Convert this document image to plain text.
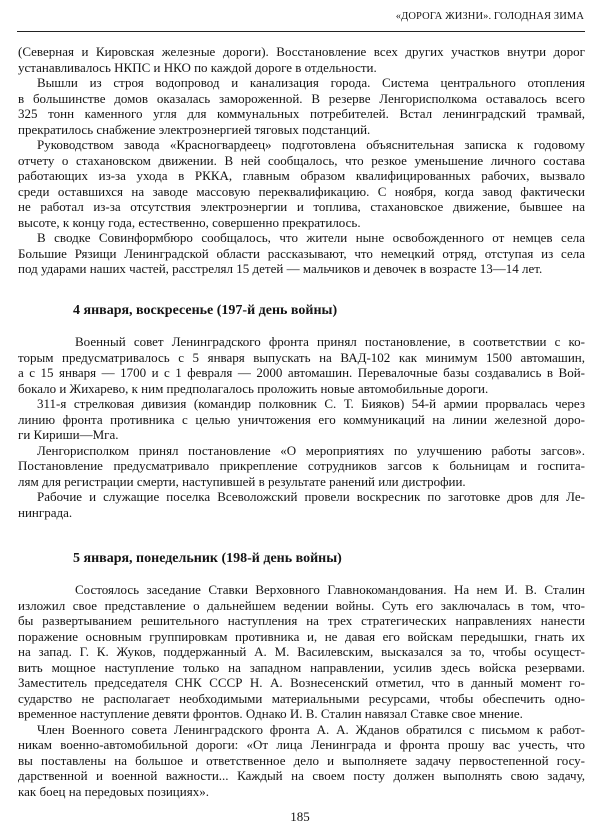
«ДОРОГА ЖИЗНИ». ГОЛОДНАЯ ЗИМА
(Северная и Кировская железные дороги). Восстановление всех других участков внутри дорог
устанавливалось НКПС и НКО по каждой дороге в отдельности.
Вышли из строя водопровод и канализация города. Система центрального отопления
в большинстве домов оказалась замороженной. В резерве Ленгорисполкома оставалось всего
325 тонн каменного угля для коммунальных потребителей. Встал ленинградский трамвай,
прекратилось снабжение электроэнергией тяговых подстанций.
Руководством завода «Красногвардеец» подготовлена объяснительная записка к годовому
отчету о стахановском движении. В ней сообщалось, что резкое уменьшение личного состава
работающих из-за ухода в РККА, главным образом квалифицированных рабочих, вызвало
среди оставшихся на заводе массовую переквалификацию. С ноября, когда завод фактически
не работал из-за отсутствия электроэнергии и топлива, стахановское движение, бывшее на
высоте, к концу года, естественно, совершенно прекратилось.
В сводке Совинформбюро сообщалось, что жители ныне освобожденного от немцев села
Большие Рязищи Ленинградской области рассказывают, что немецкий отряд, отступая из села
под ударами наших частей, расстрелял 15 детей — мальчиков и девочек в возрасте 13—14 лет.
4 января, воскресенье (197-й день войны)
Военный совет Ленинградского фронта принял постановление, в соответствии с ко-
торым предусматривалось с 5 января выпускать на ВАД-102 как минимум 1500 автомашин,
а с 15 января — 1700 и с 1 февраля — 2000 автомашин. Перевалочные базы создавались в Вой-
бокало и Жихарево, к ним предполагалось проложить новые автомобильные дороги.
311-я стрелковая дивизия (командир полковник С. Т. Бияков) 54-й армии прорвалась через
линию фронта противника с целью уничтожения его коммуникаций на линии железной доро-
ги Кириши—Мга.
Ленгорисполком принял постановление «О мероприятиях по улучшению работы загсов».
Постановление предусматривало прикрепление сотрудников загсов к больницам и госпита-
лям для регистрации смерти, наступившей в результате ранений или дистрофии.
Рабочие и служащие поселка Всеволожский провели воскресник по заготовке дров для Ле-
нинграда.
5 января, понедельник (198-й день войны)
Состоялось заседание Ставки Верховного Главнокомандования. На нем И. В. Сталин
изложил свое представление о дальнейшем ведении войны. Суть его заключалась в том, что-
бы развертыванием решительного наступления на трех стратегических направлениях нанести
поражение основным группировкам противника и, не давая его войскам передышки, гнать их
на запад. Г. К. Жуков, поддержанный А. М. Василевским, высказался за то, чтобы осущест-
вить мощное наступление только на западном направлении, усилив здесь войска резервами.
Заместитель председателя СНК СССР Н. А. Вознесенский отметил, что в данный момент го-
сударство не располагает необходимыми материальными ресурсами, чтобы обеспечить одно-
временное наступление девяти фронтов. Однако И. В. Сталин навязал Ставке свое мнение.
Член Военного совета Ленинградского фронта А. А. Жданов обратился с письмом к работ-
никам военно-автомобильной дороги: «От лица Ленинграда и фронта прошу вас учесть, что
вы поставлены на большое и ответственное дело и выполняете задачу первостепенной госу-
дарственной и военной важности... Каждый на своем посту должен выполнять свою задачу,
как боец на передовых позициях».
185
